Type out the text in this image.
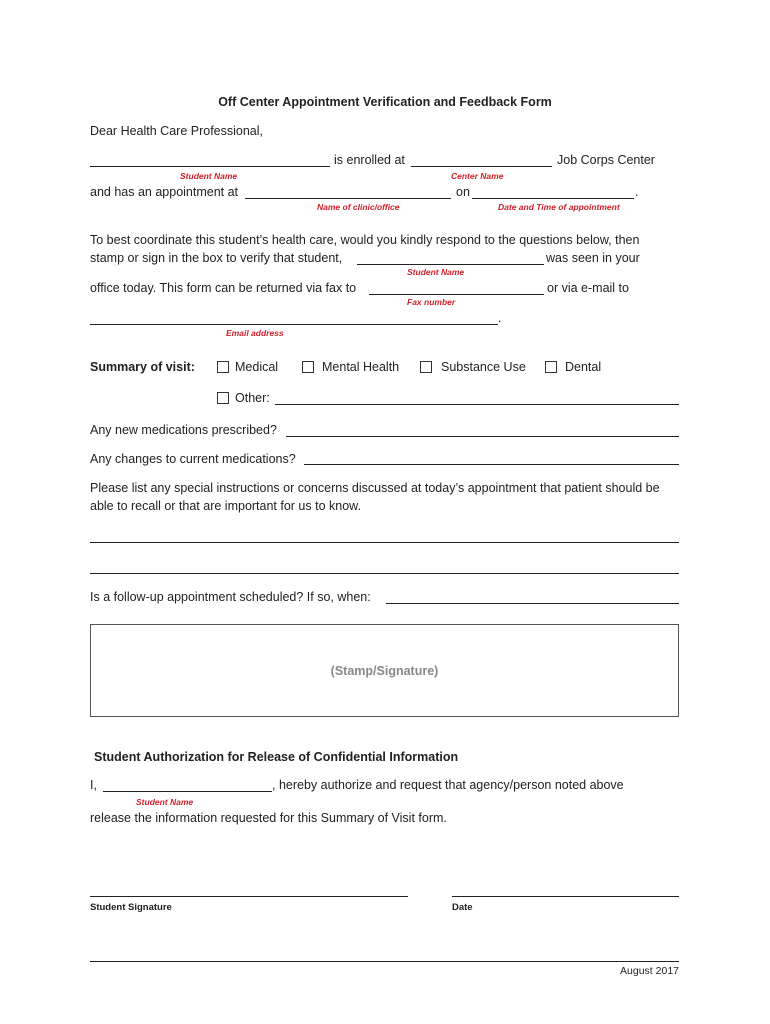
Off Center Appointment Verification and Feedback Form
Dear Health Care Professional,
is enrolled at	Job Corps Center
Student Name	Center Name
and has an appointment at	on	.
Name of clinic/office	Date and Time of appointment
To best coordinate this student’s health care, would you kindly respond to the questions below, then
stamp or sign in the box to verify that student,	was seen in your
Student Name
office today. This form can be returned via fax to	or via e-mail to
Fax number
.
Email address
Summary of visit:	Medical	Mental Health	Substance Use	Dental
Other:
Any new medications prescribed?
Any changes to current medications?
Please list any special instructions or concerns discussed at today’s appointment that patient should be
able to recall or that are important for us to know.
Is a follow-up appointment scheduled? If so, when:
(Stamp/Signature)
Student Authorization for Release of Confidential Information
I,	, hereby authorize and request that agency/person noted above
Student Name
release the information requested for this Summary of Visit form.
Student Signature	Date
August 2017
